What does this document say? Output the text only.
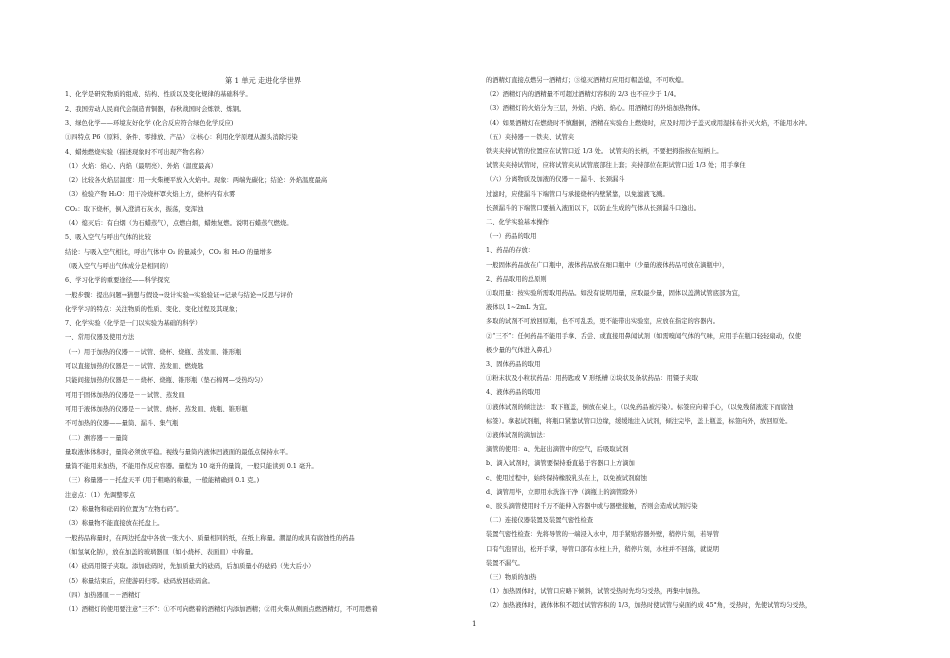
第 1 单元 走进化学世界
1、化学是研究物质的组成、结构、性质以及变化规律的基础科学。
2、我国劳动人民商代会制造青铜器，春秋战国时会炼铁、炼钢。
3、绿色化学——环境友好化学 (化合反应符合绿色化学反应)
①四特点 P6（原料、条件、零排放、产品） ②核心：利用化学原理从源头消除污染
4、蜡烛燃烧实验（描述现象时不可出现产物名称）
（1）火焰：焰心、内焰（最明亮）、外焰（温度最高）
（2）比较各火焰层温度：用一火柴梗平放入火焰中。现象：两端先碳化；结论：外焰温度最高
（3）检验产物 H₂O：用干冷烧杯罩火焰上方，烧杯内有水雾
CO₂：取下烧杯，倒入澄清石灰水，振荡，变浑浊
（4）熄灭后：有白烟（为石蜡蒸气），点燃白烟，蜡烛复燃。说明石蜡蒸气燃烧。
5、吸入空气与呼出气体的比较
结论：与吸入空气相比，呼出气体中 O₂ 的量减少，CO₂ 和 H₂O 的量增多
（吸入空气与呼出气体成分是相同的）
6、学习化学的重要途径——科学探究
一般步骤：提出问题→猜想与假设→设计实验→实验验证→记录与结论→反思与评价
化学学习的特点：关注物质的性质、变化、变化过程及其现象；
7、化学实验（化学是一门以实验为基础的科学）
一、常用仪器及使用方法
（一）用于加热的仪器－－试管、烧杯、烧瓶、蒸发皿、锥形瓶
可以直接加热的仪器是－－试管、蒸发皿、燃烧匙
只能间接加热的仪器是－－烧杯、烧瓶、锥形瓶（垫石棉网—受热均匀）
可用于固体加热的仪器是－－试管、蒸发皿
可用于液体加热的仪器是－－试管、烧杯、蒸发皿、烧瓶、锥形瓶
不可加热的仪器——量筒、漏斗、集气瓶
（二）测容器－－量筒
量取液体体积时，量筒必须放平稳。视线与量筒内液体凹液面的最低点保持水平。
量筒不能用来加热，不能用作反应容器。量程为 10 毫升的量筒，一般只能读到 0.1 毫升。
（三）称量器－－托盘天平 (用于粗略的称量，一般能精确到 0.1 克。)
注意点：（1）先调整零点
（2）称量物和砝码的位置为“左物右码”。
（3）称量物不能直接放在托盘上。
一般药品称量时，在两边托盘中各放一张大小、质量相同的纸，在纸上称量。潮湿的或具有腐蚀性的药品
（如氢氧化钠），放在加盖的玻璃器皿（如小烧杯、表面皿）中称量。
（4）砝码用镊子夹取。添加砝码时，先加质量大的砝码，后加质量小的砝码（先大后小）
（5）称量结束后，应使游码归零。砝码放回砝码盒。
（四）加热器皿－－酒精灯
（1）酒精灯的使用要注意“三不”：①不可向燃着的酒精灯内添加酒精；②用火柴从侧面点燃酒精灯，不可用燃着
的酒精灯直接点燃另一酒精灯；③熄灭酒精灯应用灯帽盖熄，不可吹熄。
（2）酒精灯内的酒精量不可超过酒精灯容积的 2/3 也不应少于 1/4。
（3）酒精灯的火焰分为三层，外焰、内焰、焰心。用酒精灯的外焰加热物体。
（4）如果酒精灯在燃烧时不慎翻倒，酒精在实验台上燃烧时，应及时用沙子盖灭或用湿抹布扑灭火焰，不能用水冲。
（五）夹持器－－铁夹、试管夹
铁夹夹持试管的位置应在试管口近 1/3 处。 试管夹的长柄，不要把拇指按在短柄上。
试管夹夹持试管时，应将试管夹从试管底部往上套；夹持部位在距试管口近 1/3 处；用手拿住
（六）分离物质及加液的仪器－－漏斗、长颈漏斗
过滤时，应使漏斗下端管口与承接烧杯内壁紧靠，以免滤液飞溅。
长颈漏斗的下端管口要插入液面以下，以防止生成的气体从长颈漏斗口逸出。
二、化学实验基本操作
（一）药品的取用
1、药品的存放：
一般固体药品放在广口瓶中，液体药品放在细口瓶中（少量的液体药品可放在滴瓶中），
2、药品取用的总原则
①取用量：按实验所需取用药品。如没有说明用量，应取最少量，固体以盖满试管底部为宜，
液体以 1~2mL 为宜。
多取的试剂不可放回原瓶，也不可乱丢，更不能带出实验室，应放在指定的容器内。
②“三不”：任何药品不能用手拿、舌尝、或直接用鼻闻试剂（如需嗅闻气体的气味，应用手在瓶口轻轻扇动，仅使
极少量的气体进入鼻孔）
3、固体药品的取用
①粉末状及小粒状药品：用药匙或 V 形纸槽 ②块状及条状药品：用镊子夹取
4、液体药品的取用
①液体试剂的倾注法： 取下瓶盖，倒放在桌上，（以免药品被污染）。标签应向着手心，（以免残留液流下而腐蚀
标签）。拿起试剂瓶，将瓶口紧靠试管口边缘，缓缓地注入试剂，倾注完毕，盖上瓶盖，标签向外，放回原处。
②液体试剂的滴加法：
滴管的使用：a、先赶出滴管中的空气，后吸取试剂
b、滴入试剂时，滴管要保持垂直悬于容器口上方滴加
c、使用过程中，始终保持橡胶乳头在上，以免被试剂腐蚀
d、滴管用毕，立即用水洗涤干净（滴瓶上的滴管除外）
e、胶头滴管使用时千万不能伸入容器中或与器壁接触，否则会造成试剂污染
（二）连接仪器装置及装置气密性检查
装置气密性检查：先将导管的一端浸入水中，用手紧贴容器外壁，稍停片刻，若导管
口有气泡冒出，松开手掌，导管口部有水柱上升，稍停片刻，水柱并不回落，就说明
装置不漏气。
（三）物质的加热
（1）加热固体时，试管口应略下倾斜，试管受热时先均匀受热，再集中加热。
（2）加热液体时，液体体积不超过试管容积的 1/3，加热时使试管与桌面约成 45°角，受热时，先使试管均匀受热，
1
